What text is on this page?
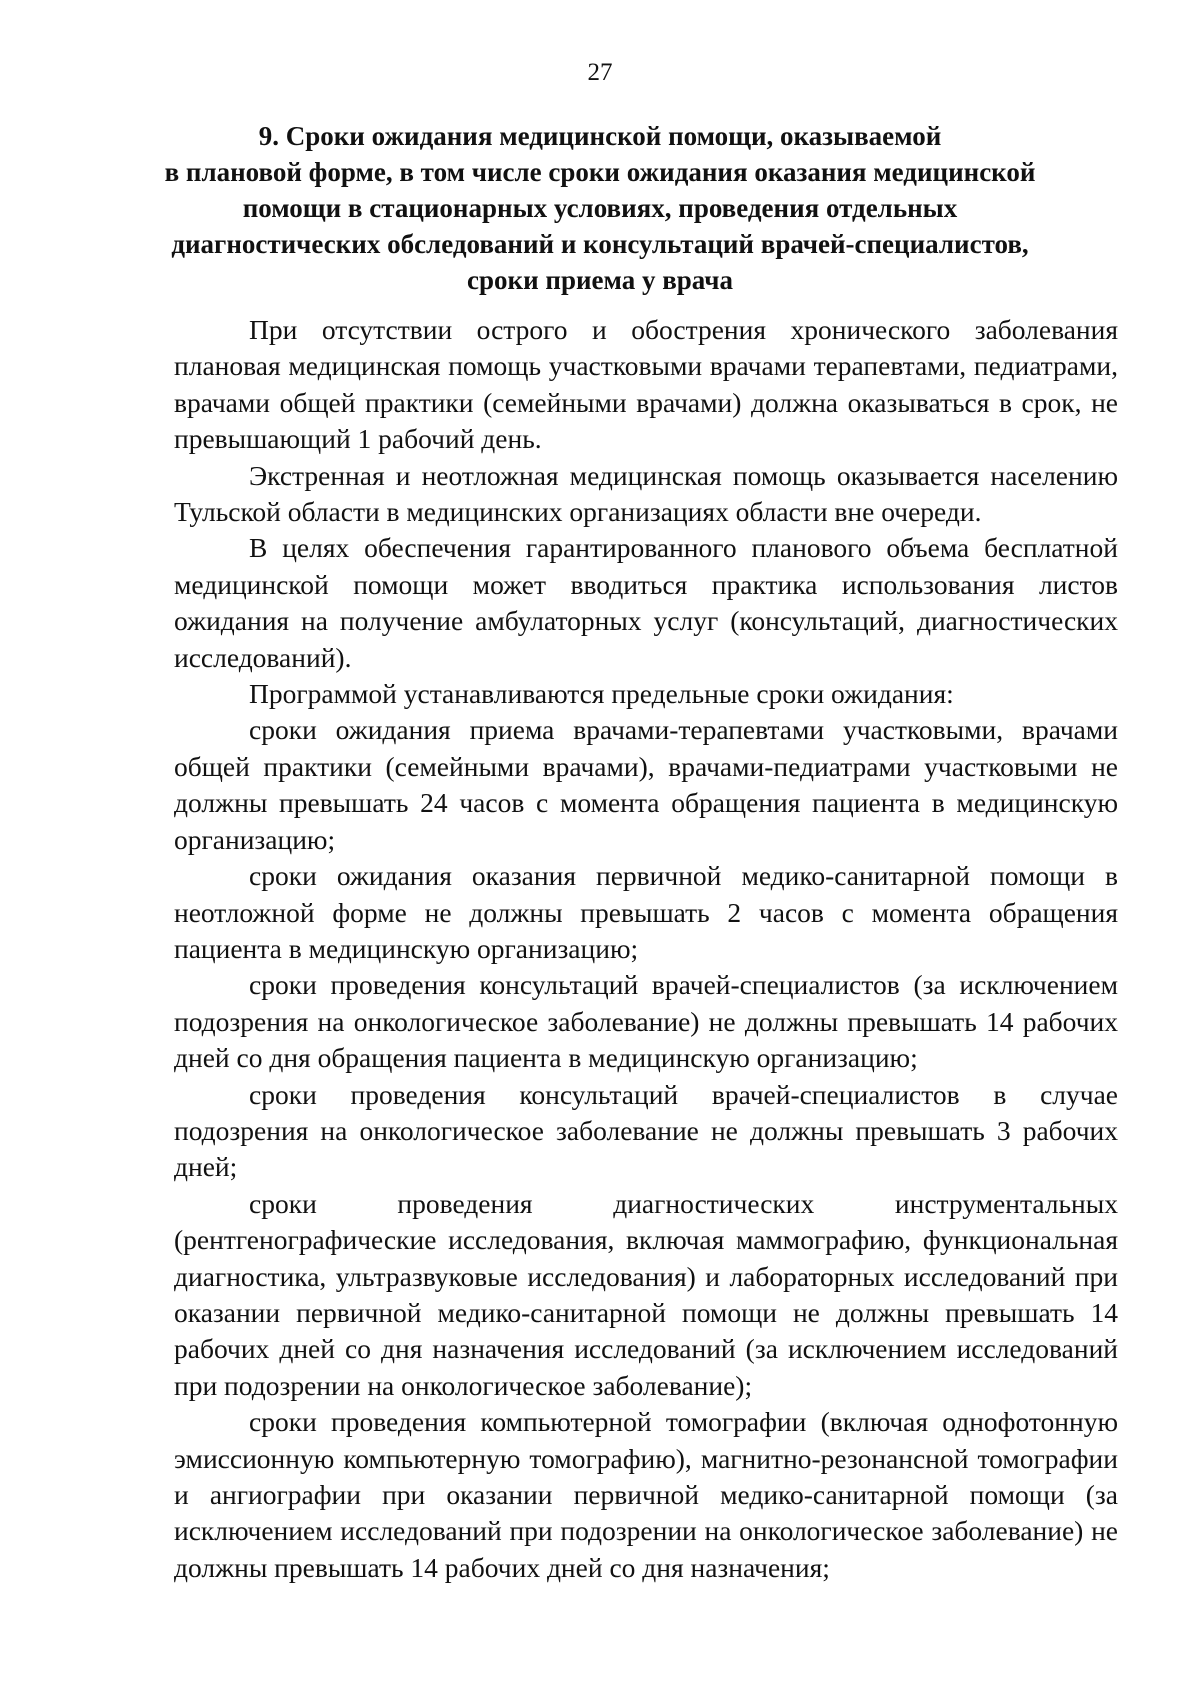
27
9. Сроки ожидания медицинской помощи, оказываемой
в плановой форме, в том числе сроки ожидания оказания медицинской
помощи в стационарных условиях, проведения отдельных
диагностических обследований и консультаций врачей-специалистов,
сроки приема у врача

При отсутствии острого и обострения хронического заболевания плановая медицинская помощь участковыми врачами терапевтами, педиатрами, врачами общей практики (семейными врачами) должна оказываться в срок, не превышающий 1 рабочий день.

Экстренная и неотложная медицинская помощь оказывается населению Тульской области в медицинских организациях области вне очереди.

В целях обеспечения гарантированного планового объема бесплатной медицинской помощи может вводиться практика использования листов ожидания на получение амбулаторных услуг (консультаций, диагностических исследований).

Программой устанавливаются предельные сроки ожидания:

сроки ожидания приема врачами-терапевтами участковыми, врачами общей практики (семейными врачами), врачами-педиатрами участковыми не должны превышать 24 часов с момента обращения пациента в медицинскую организацию;

сроки ожидания оказания первичной медико-санитарной помощи в неотложной форме не должны превышать 2 часов с момента обращения пациента в медицинскую организацию;

сроки проведения консультаций врачей-специалистов (за исключением подозрения на онкологическое заболевание) не должны превышать 14 рабочих дней со дня обращения пациента в медицинскую организацию;

сроки проведения консультаций врачей-специалистов в случае подозрения на онкологическое заболевание не должны превышать 3 рабочих дней;

сроки проведения диагностических инструментальных (рентгенографические исследования, включая маммографию, функциональная диагностика, ультразвуковые исследования) и лабораторных исследований при оказании первичной медико-санитарной помощи не должны превышать 14 рабочих дней со дня назначения исследований (за исключением исследований при подозрении на онкологическое заболевание);

сроки проведения компьютерной томографии (включая однофотонную эмиссионную компьютерную томографию), магнитно-резонансной томографии и ангиографии при оказании первичной медико-санитарной помощи (за исключением исследований при подозрении на онкологическое заболевание) не должны превышать 14 рабочих дней со дня назначения;
